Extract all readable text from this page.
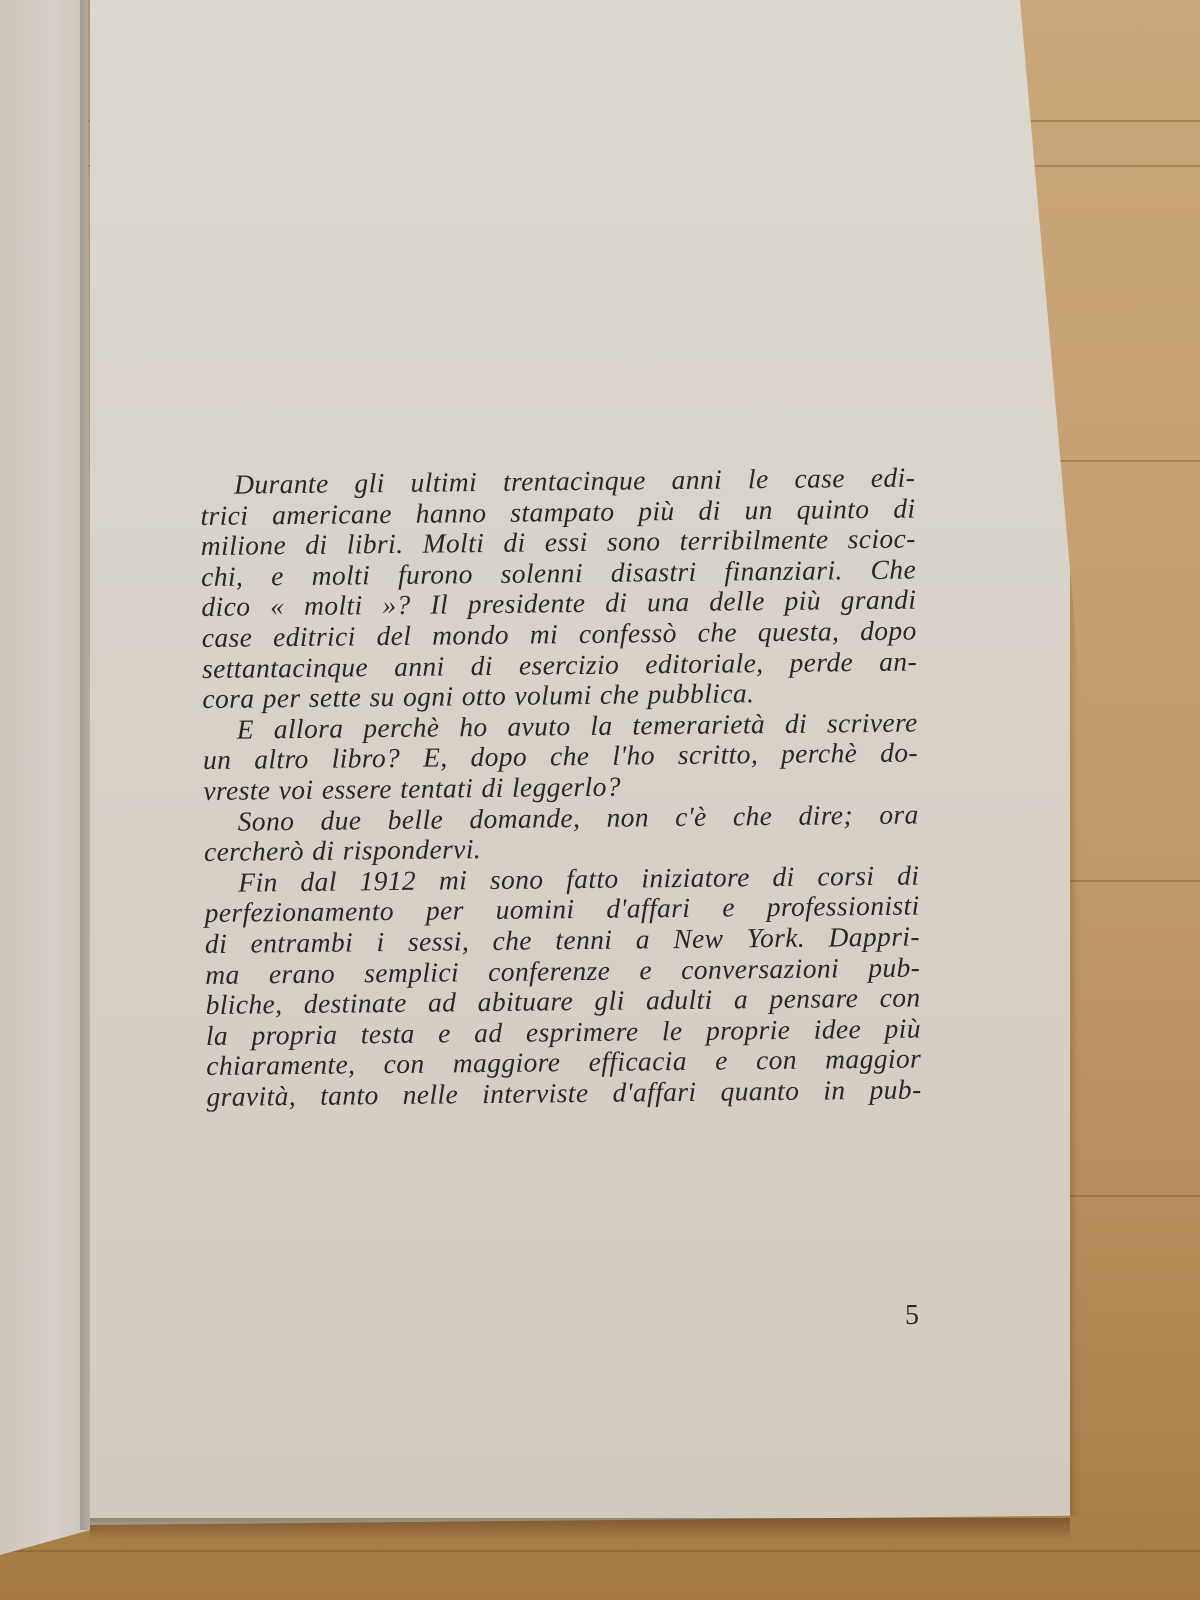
Durante gli ultimi trentacinque anni le case edi-
trici americane hanno stampato più di un quinto di
milione di libri. Molti di essi sono terribilmente scioc-
chi, e molti furono solenni disastri finanziari. Che
dico « molti »? Il presidente di una delle più grandi
case editrici del mondo mi confessò che questa, dopo
settantacinque anni di esercizio editoriale, perde an-
cora per sette su ogni otto volumi che pubblica.

E allora perchè ho avuto la temerarietà di scrivere
un altro libro? E, dopo che l'ho scritto, perchè do-
vreste voi essere tentati di leggerlo?

Sono due belle domande, non c'è che dire; ora
cercherò di rispondervi.

Fin dal 1912 mi sono fatto iniziatore di corsi di
perfezionamento per uomini d'affari e professionisti
di entrambi i sessi, che tenni a New York. Dappri-
ma erano semplici conferenze e conversazioni pub-
bliche, destinate ad abituare gli adulti a pensare con
la propria testa e ad esprimere le proprie idee più
chiaramente, con maggiore efficacia e con maggior
gravità, tanto nelle interviste d'affari quanto in pub-

5
